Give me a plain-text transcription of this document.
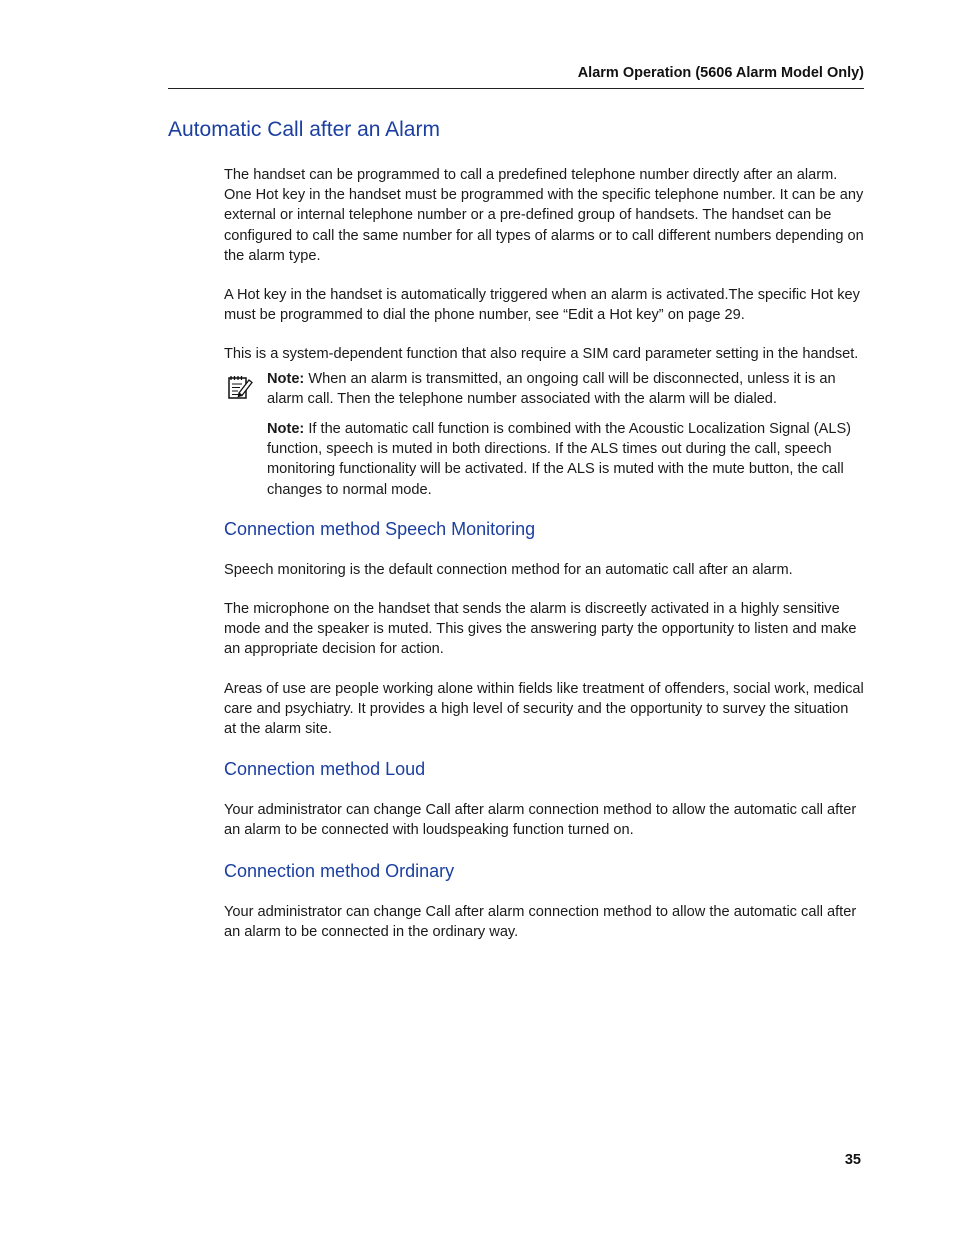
Alarm Operation (5606 Alarm Model Only)
Automatic Call after an Alarm

The handset can be programmed to call a predefined telephone number directly after an alarm. One Hot key in the handset must be programmed with the specific telephone number. It can be any external or internal telephone number or a pre-defined group of handsets. The handset can be configured to call the same number for all types of alarms or to call different numbers depending on the alarm type.

A Hot key in the handset is automatically triggered when an alarm is activated.The specific Hot key must be programmed to dial the phone number, see “Edit a Hot key” on page 29.

This is a system-dependent function that also require a SIM card parameter setting in the handset.

Note: When an alarm is transmitted, an ongoing call will be disconnected, unless it is an alarm call. Then the telephone number associated with the alarm will be dialed.

Note: If the automatic call function is combined with the Acoustic Localization Signal (ALS) function, speech is muted in both directions. If the ALS times out during the call, speech monitoring functionality will be activated. If the ALS is muted with the mute button, the call changes to normal mode.

Connection method Speech Monitoring

Speech monitoring is the default connection method for an automatic call after an alarm.

The microphone on the handset that sends the alarm is discreetly activated in a highly sensitive mode and the speaker is muted. This gives the answering party the opportunity to listen and make an appropriate decision for action.

Areas of use are people working alone within fields like treatment of offenders, social work, medical care and psychiatry. It provides a high level of security and the opportunity to survey the situation at the alarm site.

Connection method Loud

Your administrator can change Call after alarm connection method to allow the automatic call after an alarm to be connected with loudspeaking function turned on.

Connection method Ordinary

Your administrator can change Call after alarm connection method to allow the automatic call after an alarm to be connected in the ordinary way.

35
